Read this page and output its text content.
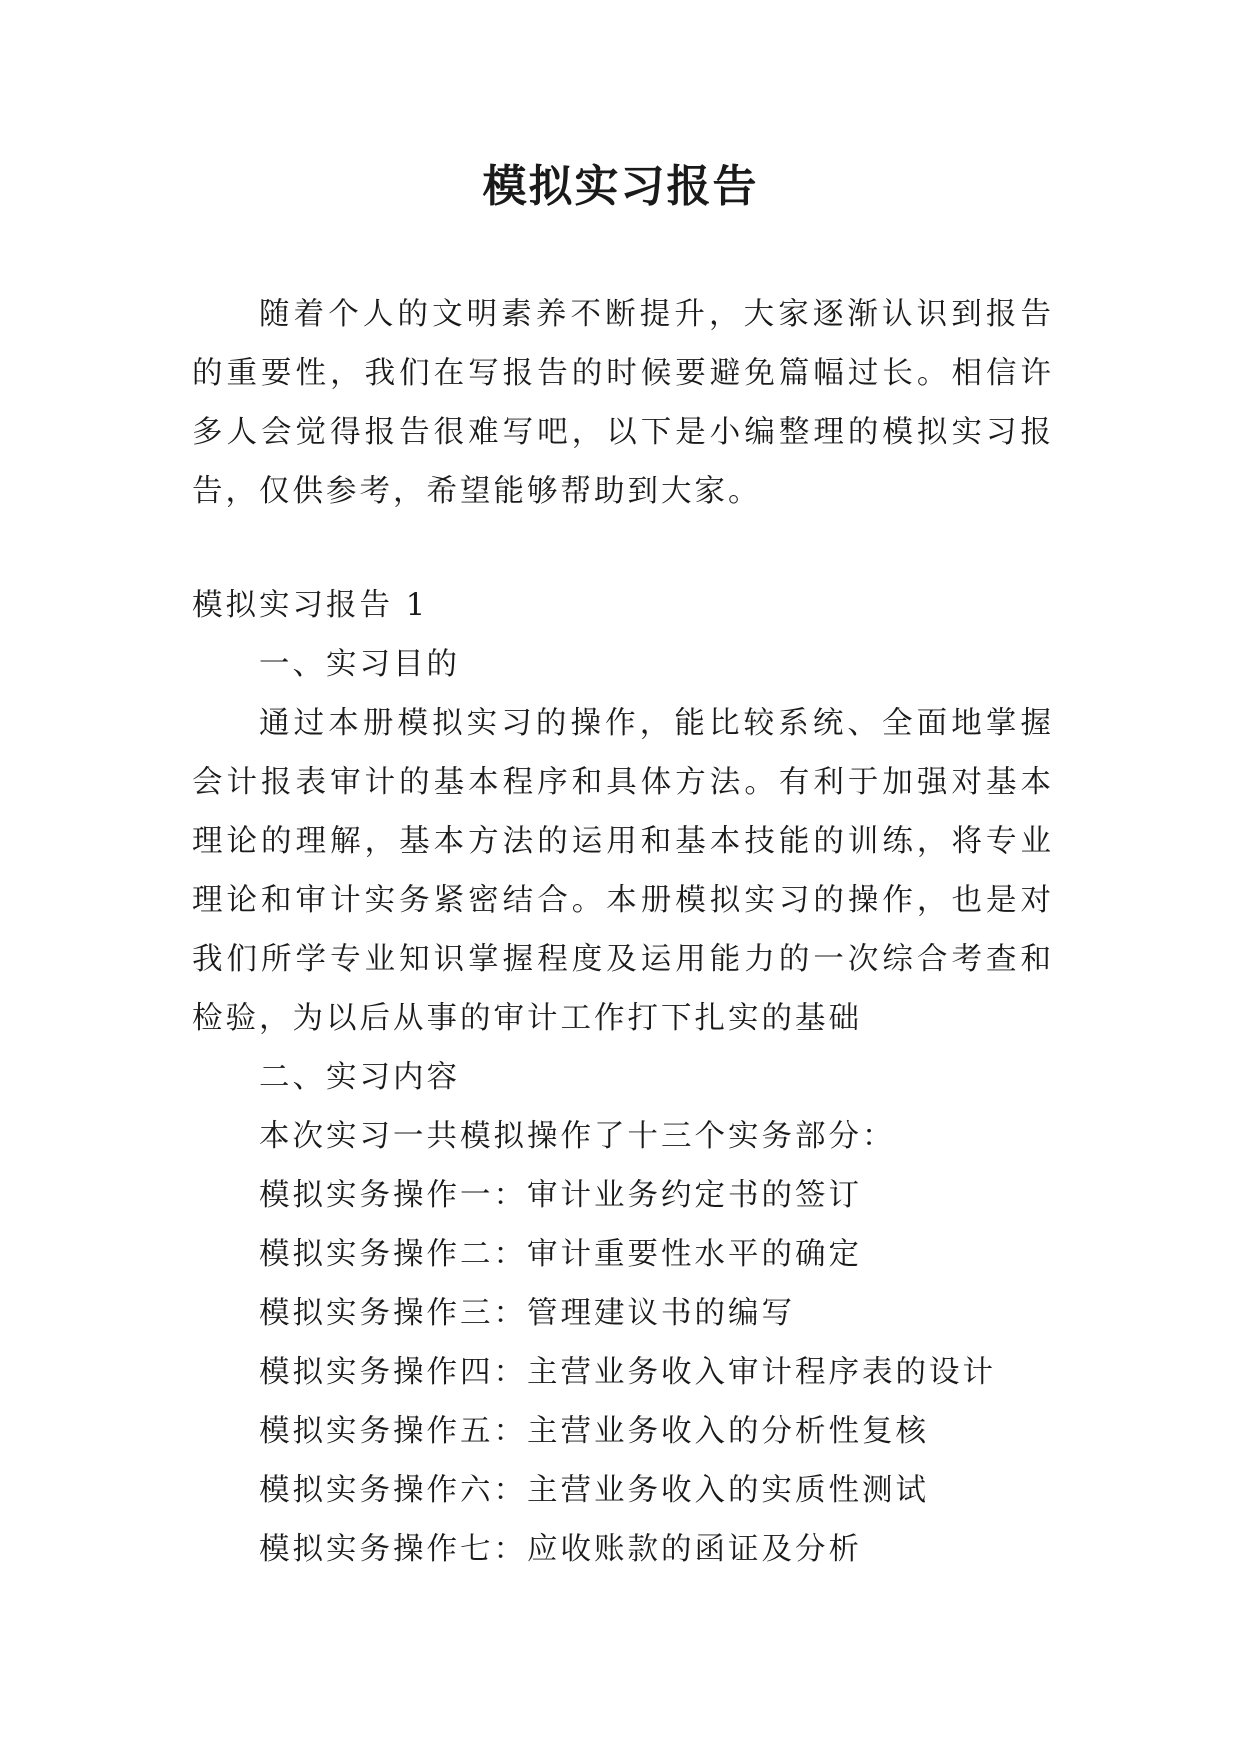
模拟实习报告
随着个人的文明素养不断提升，大家逐渐认识到报告的重要性，我们在写报告的时候要避免篇幅过长。相信许多人会觉得报告很难写吧，以下是小编整理的模拟实习报告，仅供参考，希望能够帮助到大家。
模拟实习报告 1

一、实习目的

通过本册模拟实习的操作，能比较系统、全面地掌握会计报表审计的基本程序和具体方法。有利于加强对基本理论的理解，基本方法的运用和基本技能的训练，将专业理论和审计实务紧密结合。本册模拟实习的操作，也是对我们所学专业知识掌握程度及运用能力的一次综合考查和检验，为以后从事的审计工作打下扎实的基础

二、实习内容

本次实习一共模拟操作了十三个实务部分：

模拟实务操作一：审计业务约定书的签订

模拟实务操作二：审计重要性水平的确定

模拟实务操作三：管理建议书的编写

模拟实务操作四：主营业务收入审计程序表的设计

模拟实务操作五：主营业务收入的分析性复核

模拟实务操作六：主营业务收入的实质性测试

模拟实务操作七：应收账款的函证及分析
